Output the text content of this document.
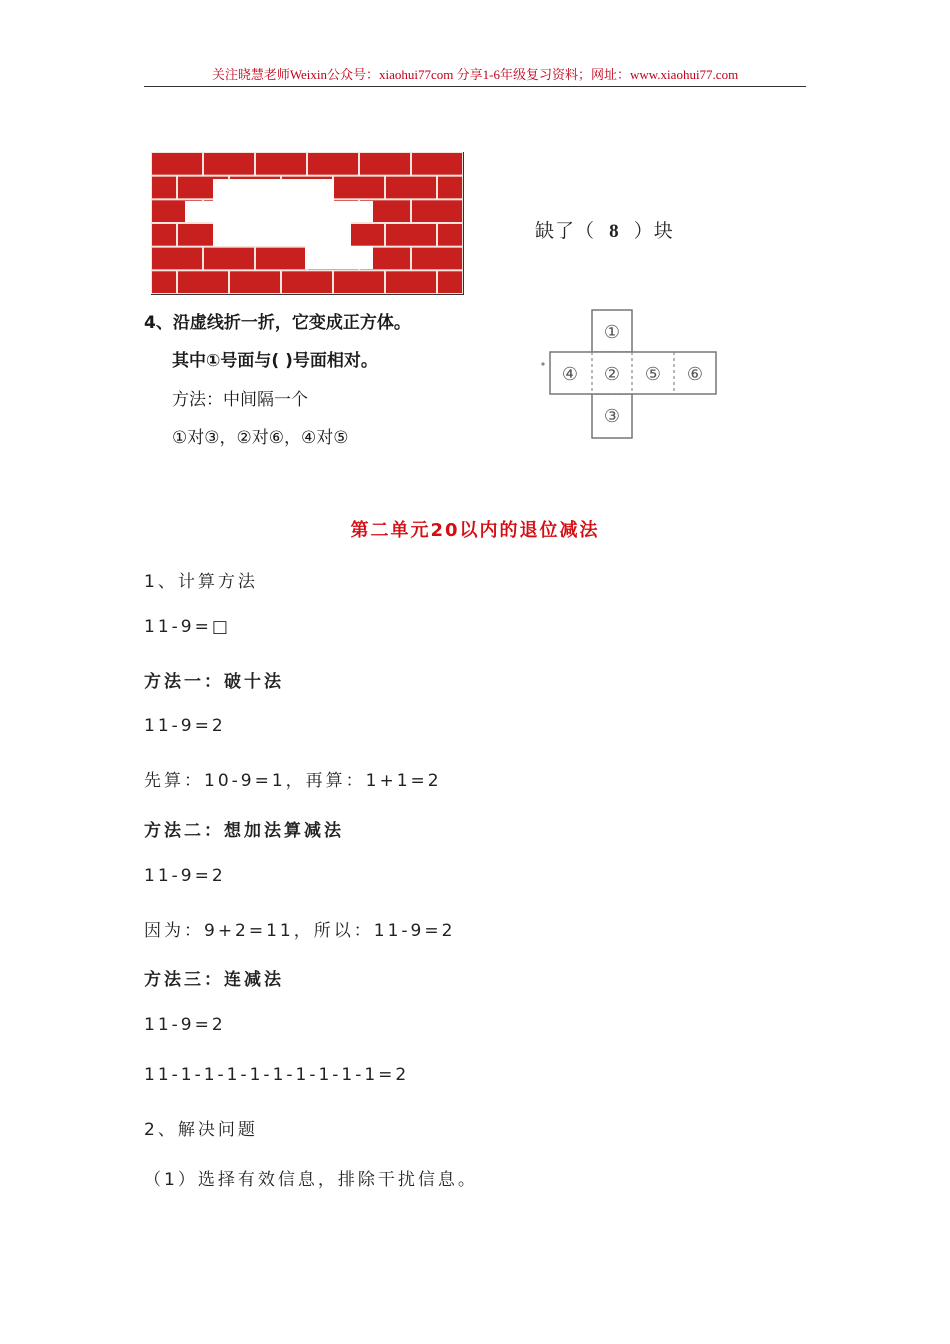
关注晓慧老师Weixin公众号：xiaohui77com 分享1-6年级复习资料；网址：www.xiaohui77.com
缺了（ 8 ）块
4、沿虚线折一折，它变成正方体。
其中①号面与( )号面相对。
方法：中间隔一个
①对③，②对⑥，④对⑤
①
②
③
④	⑤ ⑥
第二单元20以内的退位减法
1、计算方法
11-9=□
方法一：破十法
11-9=2
先算：10-9=1，再算：1+1=2
方法二：想加法算减法
11-9=2
因为：9+2=11，所以：11-9=2
方法三：连减法
11-9=2
11-1-1-1-1-1-1-1-1-1=2
2、解决问题
（1）选择有效信息，排除干扰信息。
